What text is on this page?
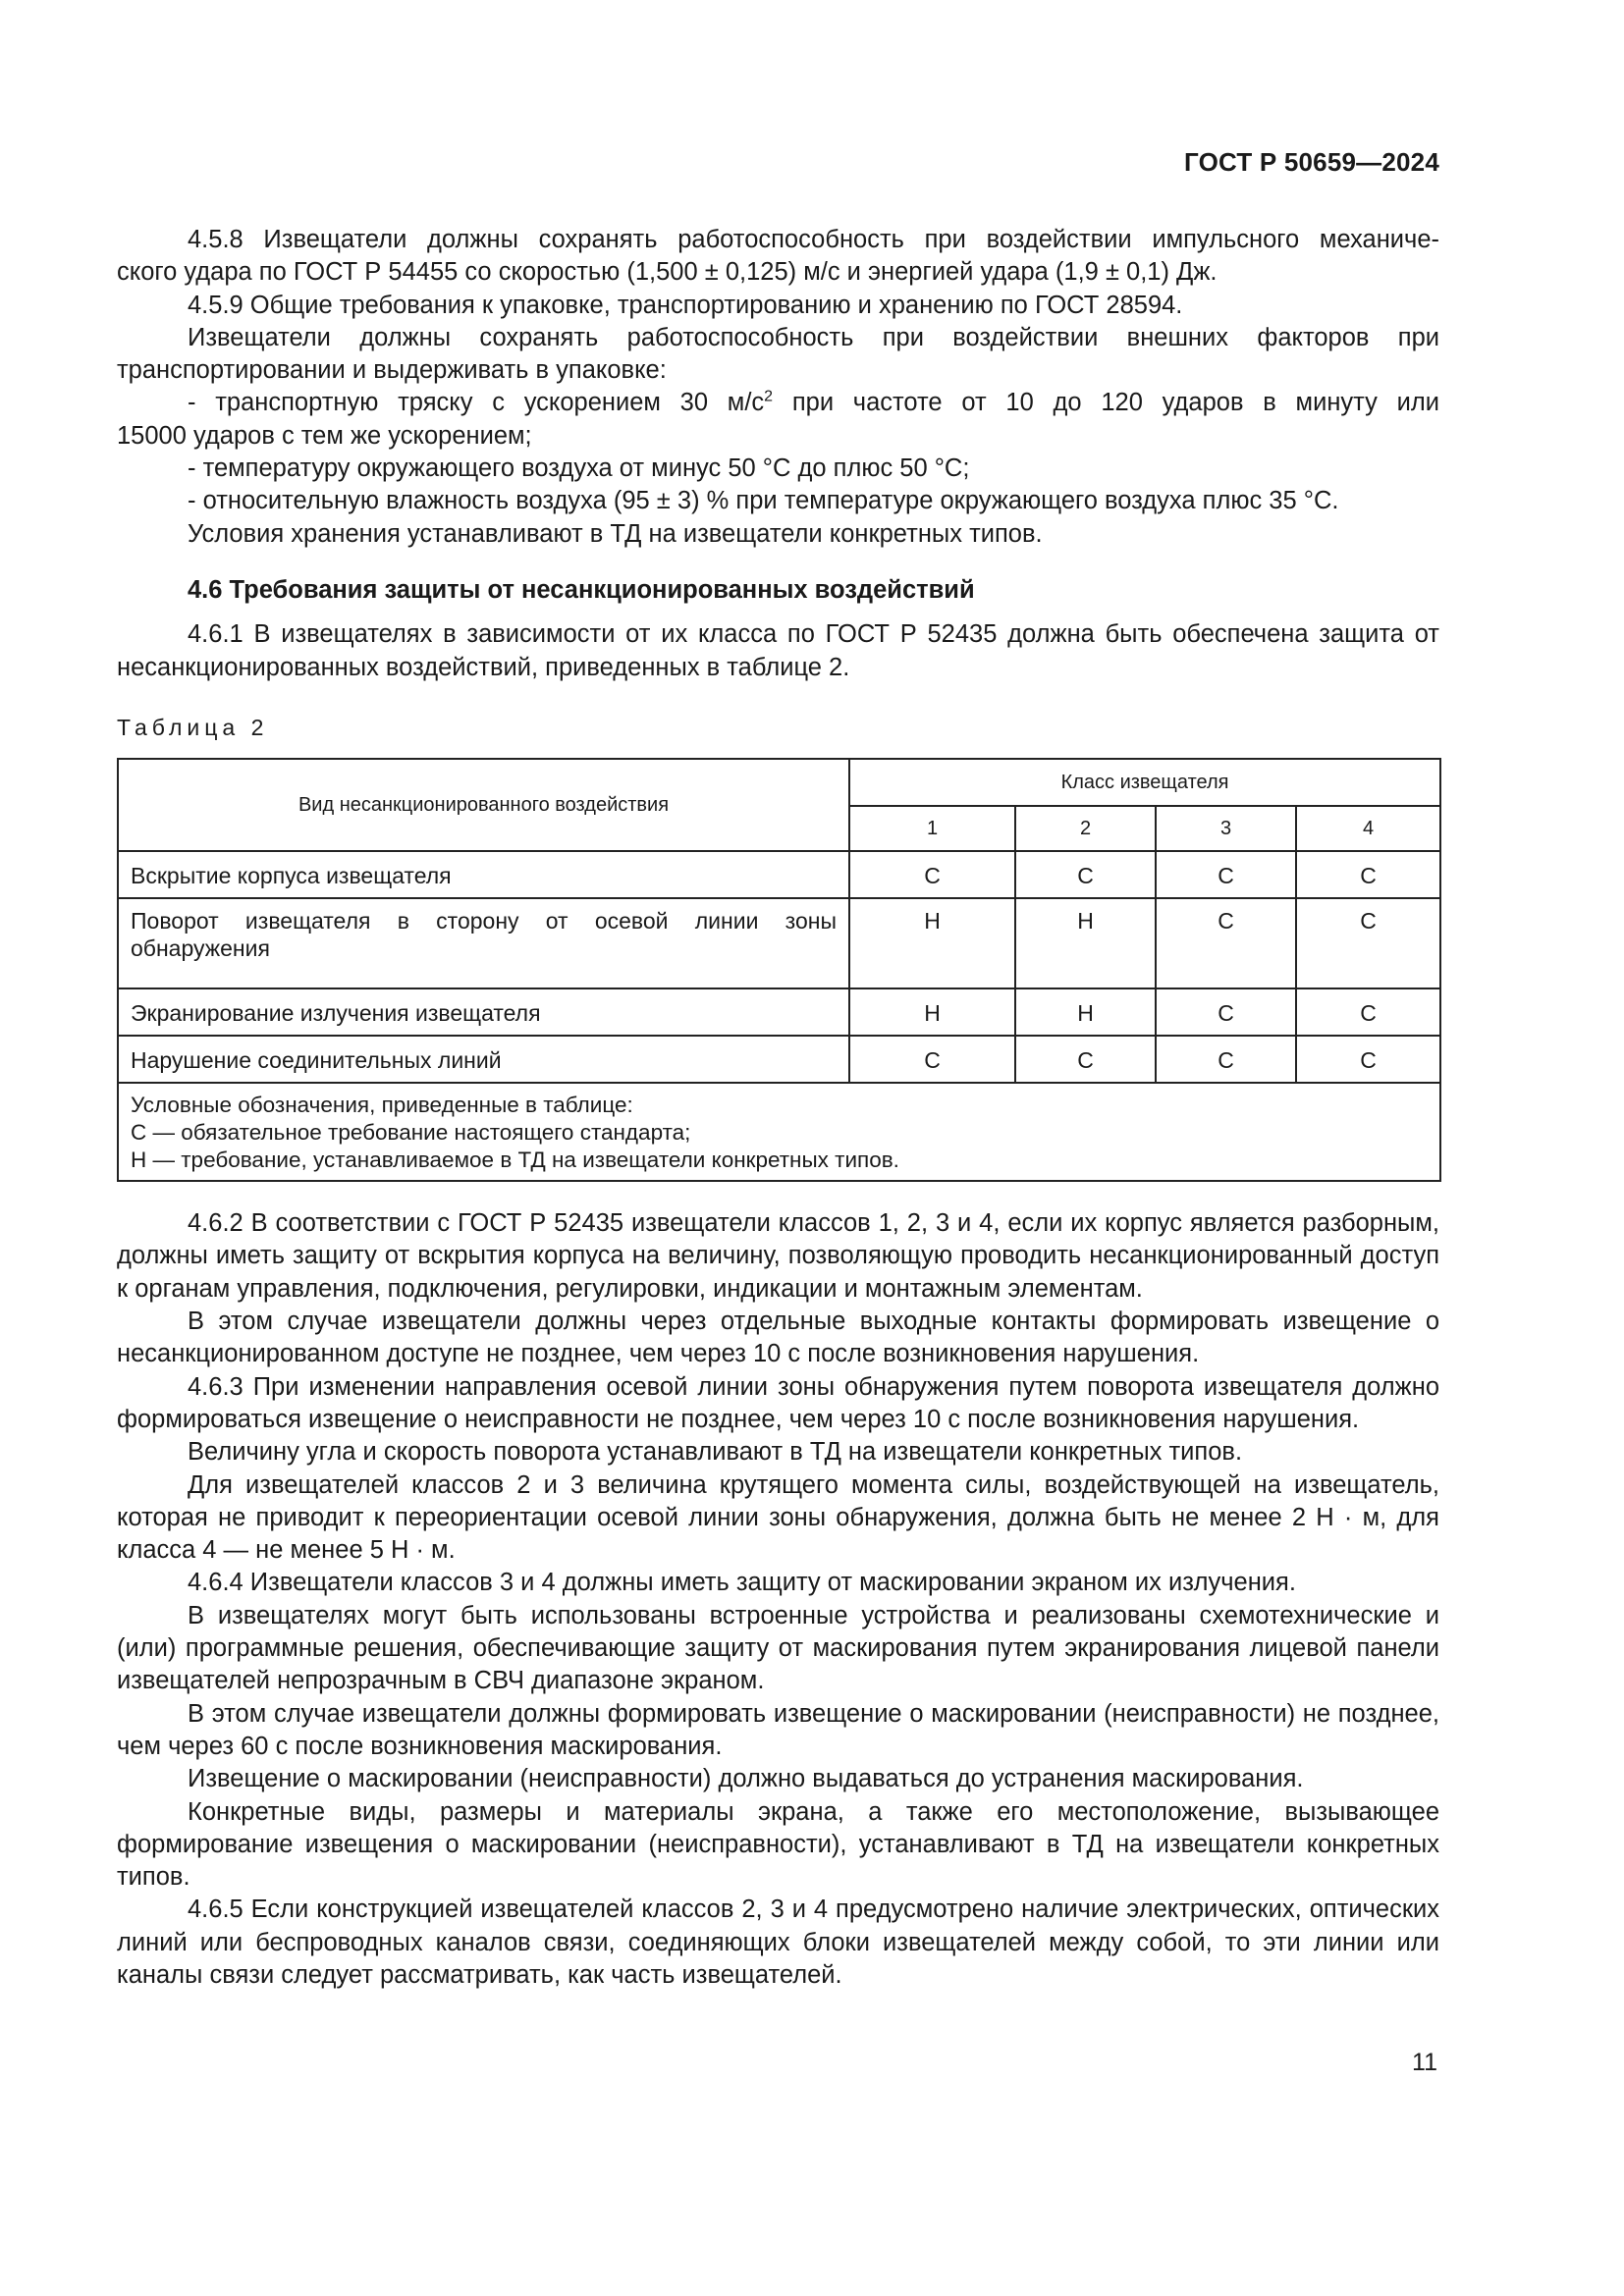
ГОСТ Р 50659—2024

4.5.8 Извещатели должны сохранять работоспособность при воздействии импульсного механиче-

ского удара по ГОСТ Р 54455 со скоростью (1,500 ± 0,125) м/с и энергией удара (1,9 ± 0,1) Дж.

4.5.9 Общие требования к упаковке, транспортированию и хранению по ГОСТ 28594.

Извещатели должны сохранять работоспособность при воздействии внешних факторов при транспортировании и выдерживать в упаковке:

- транспортную тряску с ускорением 30 $м/с^2$ при частоте от 10 до 120 ударов в минуту или

15000 ударов с тем же ускорением;

- температуру окружающего воздуха от минус 50 °С до плюс 50 °С;

- относительную влажность воздуха (95 ± 3) % при температуре окружающего воздуха плюс 35 °С.

Условия хранения устанавливают в ТД на извещатели конкретных типов.

4.6 Требования защиты от несанкционированных воздействий

4.6.1 В извещателях в зависимости от их класса по ГОСТ Р 52435 должна быть обеспечена защита от несанкционированных воздействий, приведенных в таблице 2.

Таблица 2
Вид несанкционированного воздействия	Класс извещателя			
	1	2	3	4
Вскрытие корпуса извещателя	С	С	С	С

Поворот извещателя в сторону от осевой линии зоны обнаружения	Н	Н	С	С
Экранирование излучения извещателя	Н	Н	С	С
Нарушение соединительных линий	С	С	С	С

Условные обозначения, приведенные в таблице:
С — обязательное требование настоящего стандарта;
Н — требование, устанавливаемое в ТД на извещатели конкретных типов.				

4.6.2 В соответствии с ГОСТ Р 52435 извещатели классов 1, 2, 3 и 4, если их корпус является разборным, должны иметь защиту от вскрытия корпуса на величину, позволяющую проводить несанкционированный доступ к органам управления, подключения, регулировки, индикации и монтажным элементам.

В этом случае извещатели должны через отдельные выходные контакты формировать извещение о несанкционированном доступе не позднее, чем через 10 с после возникновения нарушения.

4.6.3 При изменении направления осевой линии зоны обнаружения путем поворота извещателя должно формироваться извещение о неисправности не позднее, чем через 10 с после возникновения нарушения.

Величину угла и скорость поворота устанавливают в ТД на извещатели конкретных типов.

Для извещателей классов 2 и 3 величина крутящего момента силы, воздействующей на извещатель, которая не приводит к переориентации осевой линии зоны обнаружения, должна быть не менее 2 Н · м, для класса 4 — не менее 5 Н · м.

4.6.4 Извещатели классов 3 и 4 должны иметь защиту от маскировании экраном их излучения.

В извещателях могут быть использованы встроенные устройства и реализованы схемотехнические и (или) программные решения, обеспечивающие защиту от маскирования путем экранирования лицевой панели извещателей непрозрачным в СВЧ диапазоне экраном.

В этом случае извещатели должны формировать извещение о маскировании (неисправности) не позднее, чем через 60 с после возникновения маскирования.

Извещение о маскировании (неисправности) должно выдаваться до устранения маскирования.

Конкретные виды, размеры и материалы экрана, а также его местоположение, вызывающее формирование извещения о маскировании (неисправности), устанавливают в ТД на извещатели конкретных типов.

4.6.5 Если конструкцией извещателей классов 2, 3 и 4 предусмотрено наличие электрических, оптических линий или беспроводных каналов связи, соединяющих блоки извещателей между собой, то эти линии или каналы связи следует рассматривать, как часть извещателей.

11
